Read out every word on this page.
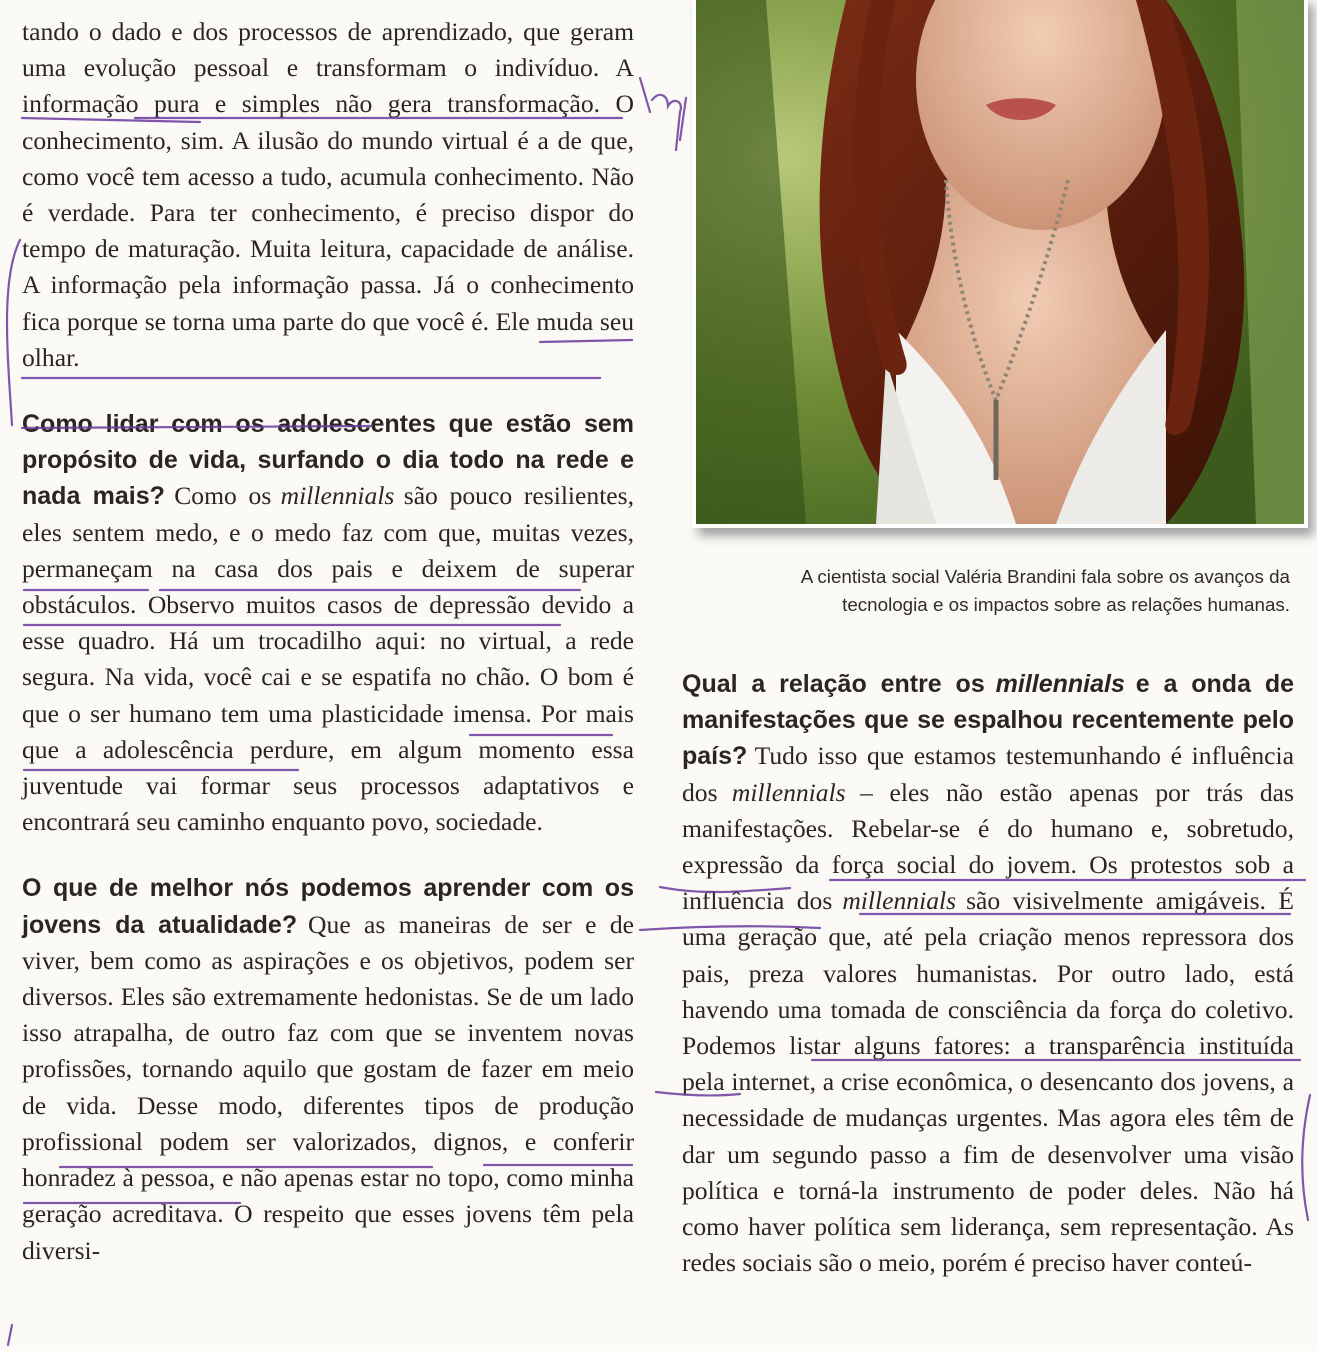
tando o dado e dos processos de aprendizado, que geram uma evolução pessoal e transformam o indivíduo. A informação pura e simples não gera transformação. O conhecimento, sim. A ilusão do mundo virtual é a de que, como você tem acesso a tudo, acumula conhecimento. Não é verdade. Para ter conhecimento, é preciso dispor do tempo de maturação. Muita leitura, capacidade de análise. A informação pela informação passa. Já o conhecimento fica porque se torna uma parte do que você é. Ele muda seu olhar.

Como lidar com os adolescentes que estão sem propósito de vida, surfando o dia todo na rede e nada mais? Como os millennials são pouco resilientes, eles sentem medo, e o medo faz com que, muitas vezes, permaneçam na casa dos pais e deixem de superar obstáculos. Observo muitos casos de depressão devido a esse quadro. Há um trocadilho aqui: no virtual, a rede segura. Na vida, você cai e se espatifa no chão. O bom é que o ser humano tem uma plasticidade imensa. Por mais que a adolescência perdure, em algum momento essa juventude vai formar seus processos adaptativos e encontrará seu caminho enquanto povo, sociedade.

O que de melhor nós podemos aprender com os jovens da atualidade? Que as maneiras de ser e de viver, bem como as aspirações e os objetivos, podem ser diversos. Eles são extremamente hedonistas. Se de um lado isso atrapalha, de outro faz com que se inventem novas profissões, tornando aquilo que gostam de fazer em meio de vida. Desse modo, diferentes tipos de produção profissional podem ser valorizados, dignos, e conferir honradez à pessoa, e não apenas estar no topo, como minha geração acreditava. O respeito que esses jovens têm pela diversi-

A cientista social Valéria Brandini fala sobre os avanços da
tecnologia e os impactos sobre as relações humanas.

Qual a relação entre os millennials e a onda de manifestações que se espalhou recentemente pelo país? Tudo isso que estamos testemunhando é influência dos millennials – eles não estão apenas por trás das manifestações. Rebelar-se é do humano e, sobretudo, expressão da força social do jovem. Os protestos sob a influência dos millennials são visivelmente amigáveis. É uma geração que, até pela criação menos repressora dos pais, preza valores humanistas. Por outro lado, está havendo uma tomada de consciência da força do coletivo. Podemos listar alguns fatores: a transparência instituída pela internet, a crise econômica, o desencanto dos jovens, a necessidade de mudanças urgentes. Mas agora eles têm de dar um segundo passo a fim de desenvolver uma visão política e torná-la instrumento de poder deles. Não há como haver política sem liderança, sem representação. As redes sociais são o meio, porém é preciso haver conteú-
